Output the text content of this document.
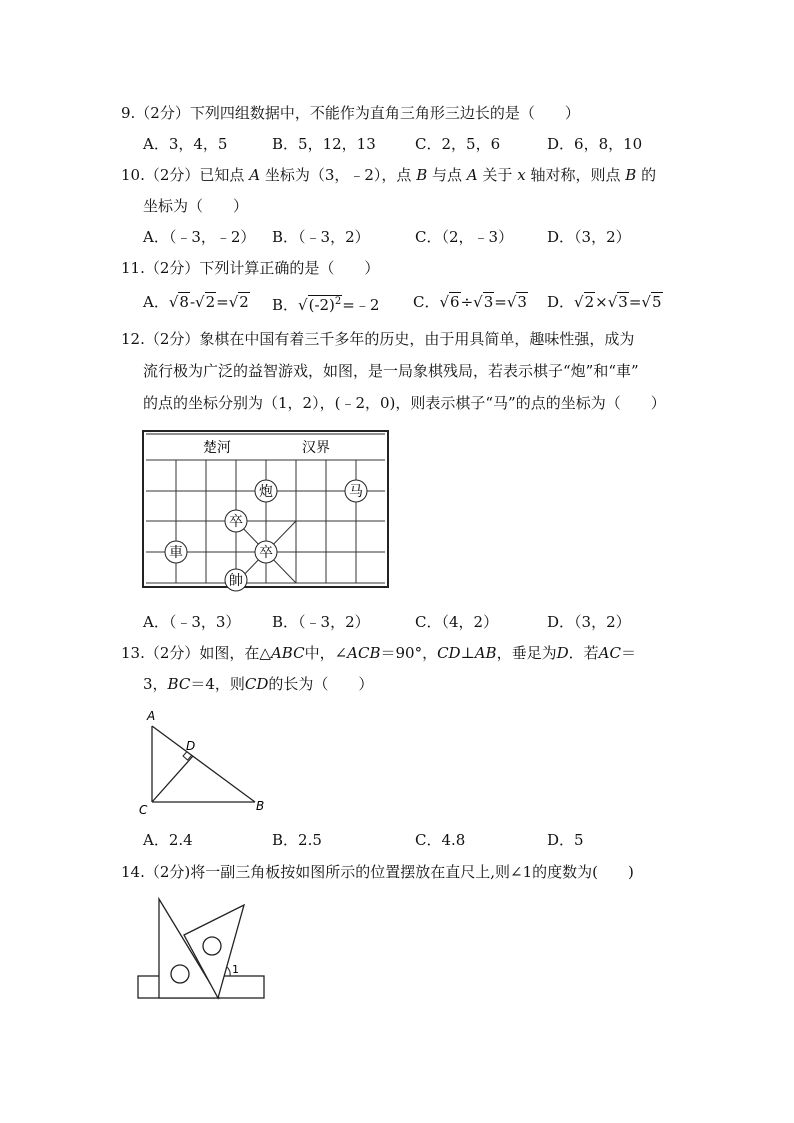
9.（2分）下列四组数据中，不能作为直角三角形三边长的是（　　）
A．3，4，5	B．5，12，13	C．2，5，6	D．6，8，10
10.（2分）已知点 A 坐标为（3，﹣2），点 B 与点 A 关于 x 轴对称，则点 B 的
坐标为（　　）
A．（﹣3，﹣2） B．（﹣3，2）	C．（2，﹣3） D．（3，2）
11.（2分）下列计算正确的是（　　）
A．√8-√2=√2 B．$√(-2)^2=﹣2$ C．√6÷√3=√3 D．√2×√3=√5
12.（2分）象棋在中国有着三千多年的历史，由于用具简单，趣味性强，成为
流行极为广泛的益智游戏，如图，是一局象棋残局，若表示棋子“炮”和“車”
的点的坐标分别为（1，2），(﹣2，0)，则表示棋子“马”的点的坐标为（　　）
楚河	汉界
炮	马
卒
車	卒
帥
A．（﹣3，3） B．（﹣3，2）	C．（4，2）	D．（3，2）
13.（2分）如图，在△ABC中，∠ACB＝90°，CD⊥AB，垂足为D．若AC＝
3，BC＝4，则CD的长为（　　）
A
D
C	B
A．2.4	B．2.5	C．4.8	D．5
14.（2分)将一副三角板按如图所示的位置摆放在直尺上,则∠1的度数为(　　)
1
